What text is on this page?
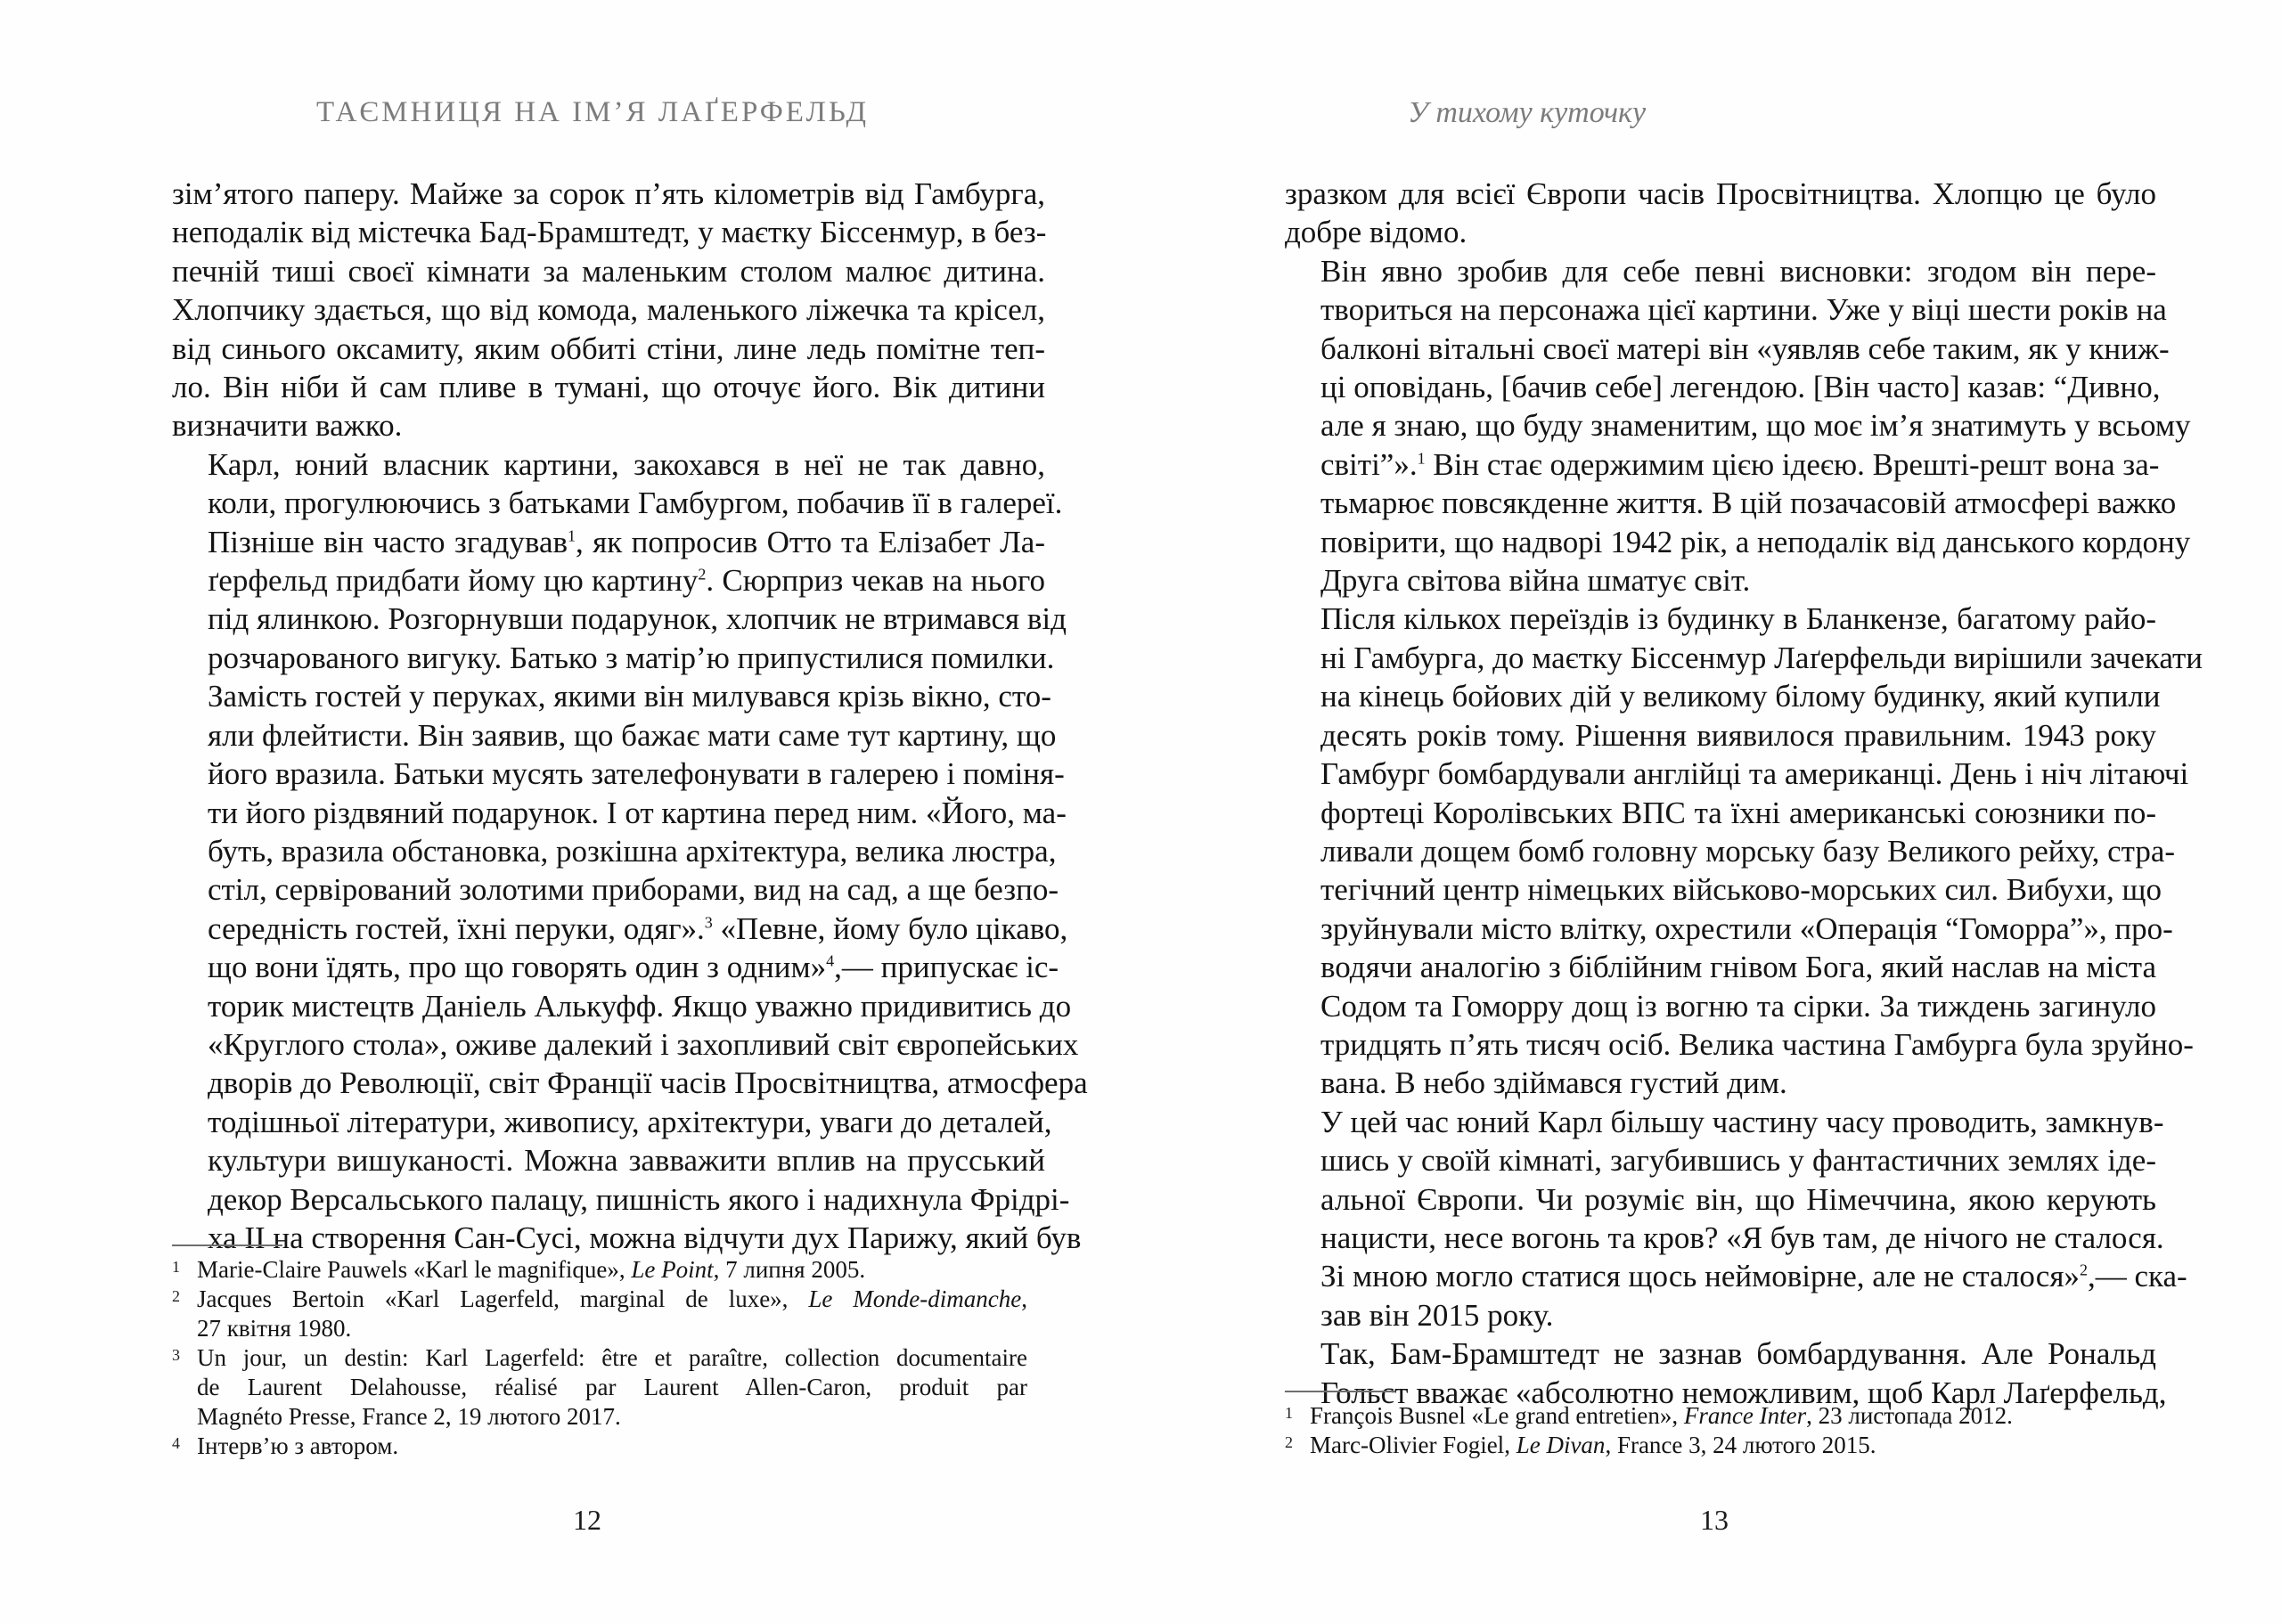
ТАЄМНИЦЯ НА ІМ’Я ЛАҐЕРФЕЛЬД

зім’ятого паперу. Майже за сорок п’ять кілометрів від Гамбурга,
неподалік від містечка Бад-Брамштедт, у маєтку Біссенмур, в без-
печній тиші своєї кімнати за маленьким столом малює дитина.
Хлопчику здається, що від комода, маленького ліжечка та крісел,
від синього оксамиту, яким оббиті стіни, лине ледь помітне теп-
ло. Він ніби й сам пливе в тумані, що оточує його. Вік дитини
визначити важко.

Карл, юний власник картини, закохався в неї не так давно,
коли, прогулюючись з батьками Гамбургом, побачив її в галереї.
Пізніше він часто згадував$^1$, як попросив Отто та Елізабет Ла-
ґерфельд придбати йому цю картину$^2$. Сюрприз чекав на нього
під ялинкою. Розгорнувши подарунок, хлопчик не втримався від
розчарованого вигуку. Батько з матір’ю припустилися помилки.
Замість гостей у перуках, якими він милувався крізь вікно, сто-
яли флейтисти. Він заявив, що бажає мати саме тут картину, що
його вразила. Батьки мусять зателефонувати в галерею і поміня-
ти його різдвяний подарунок. І от картина перед ним. «Його, ма-
буть, вразила обстановка, розкішна архітектура, велика люстра,
стіл, сервірований золотими приборами, вид на сад, а ще безпо-
середність гостей, їхні перуки, одяг».$^3$ «Певне, йому було цікаво,
що вони їдять, про що говорять один з одним»$^4$,— припускає іс-
торик мистецтв Даніель Алькуфф. Якщо уважно придивитись до
«Круглого стола», оживе далекий і захопливий світ європейських
дворів до Революції, світ Франції часів Просвітництва, атмосфера
тодішньої літератури, живопису, архітектури, уваги до деталей,
культури вишуканості. Можна завважити вплив на прусський
декор Версальського палацу, пишність якого і надихнула Фрідрі-
ха II на створення Сан-Сусі, можна відчути дух Парижу, який був

1 Marie-Claire Pauwels «Karl le magnifique», Le Point, 7 липня 2005.
2 Jacques Bertoin «Karl Lagerfeld, marginal de luxe», Le Monde-dimanche,
27 квітня 1980.
3 Un jour, un destin: Karl Lagerfeld: être et paraître, collection documentaire
de Laurent Delahousse, réalisé par Laurent Allen-Caron, produit par
Magnéto Presse, France 2, 19 лютого 2017.
4 Інтерв’ю з автором.
12
У тихому куточку

зразком для всієї Європи часів Просвітництва. Хлопцю це було
добре відомо.

Він явно зробив для себе певні висновки: згодом він пере-
твориться на персонажа цієї картини. Уже у віці шести років на
балконі вітальні своєї матері він «уявляв себе таким, як у книж-
ці оповідань, [бачив себе] легендою. [Він часто] казав: “Дивно,
але я знаю, що буду знаменитим, що моє ім’я знатимуть у всьому
світі”».$^1$ Він стає одержимим цією ідеєю. Врешті-решт вона за-
тьмарює повсякденне життя. В цій позачасовій атмосфері важко
повірити, що надворі 1942 рік, а неподалік від данського кордону
Друга світова війна шматує світ.

Після кількох переїздів із будинку в Бланкензе, багатому райо-
ні Гамбурга, до маєтку Біссенмур Лаґерфельди вирішили зачекати
на кінець бойових дій у великому білому будинку, який купили
десять років тому. Рішення виявилося правильним. 1943 року
Гамбург бомбардували англійці та американці. День і ніч літаючі
фортеці Королівських ВПС та їхні американські союзники по-
ливали дощем бомб головну морську базу Великого рейху, стра-
тегічний центр німецьких військово-морських сил. Вибухи, що
зруйнували місто влітку, охрестили «Операція “Гоморра”», про-
водячи аналогію з біблійним гнівом Бога, який наслав на міста
Содом та Гоморру дощ із вогню та сірки. За тиждень загинуло
тридцять п’ять тисяч осіб. Велика частина Гамбурга була зруйно-
вана. В небо здіймався густий дим.

У цей час юний Карл більшу частину часу проводить, замкнув-
шись у своїй кімнаті, загубившись у фантастичних землях іде-
альної Європи. Чи розуміє він, що Німеччина, якою керують
нацисти, несе вогонь та кров? «Я був там, де нічого не сталося.
Зі мною могло статися щось неймовірне, але не сталося»$^2$,— ска-
зав він 2015 року.

Так, Бам-Брамштедт не зазнав бомбардування. Але Рональд
Гольст вважає «абсолютно неможливим, щоб Карл Лаґерфельд,

1 François Busnel «Le grand entretien», France Inter, 23 листопада 2012.
2 Marc-Olivier Fogiel, Le Divan, France 3, 24 лютого 2015.
13
